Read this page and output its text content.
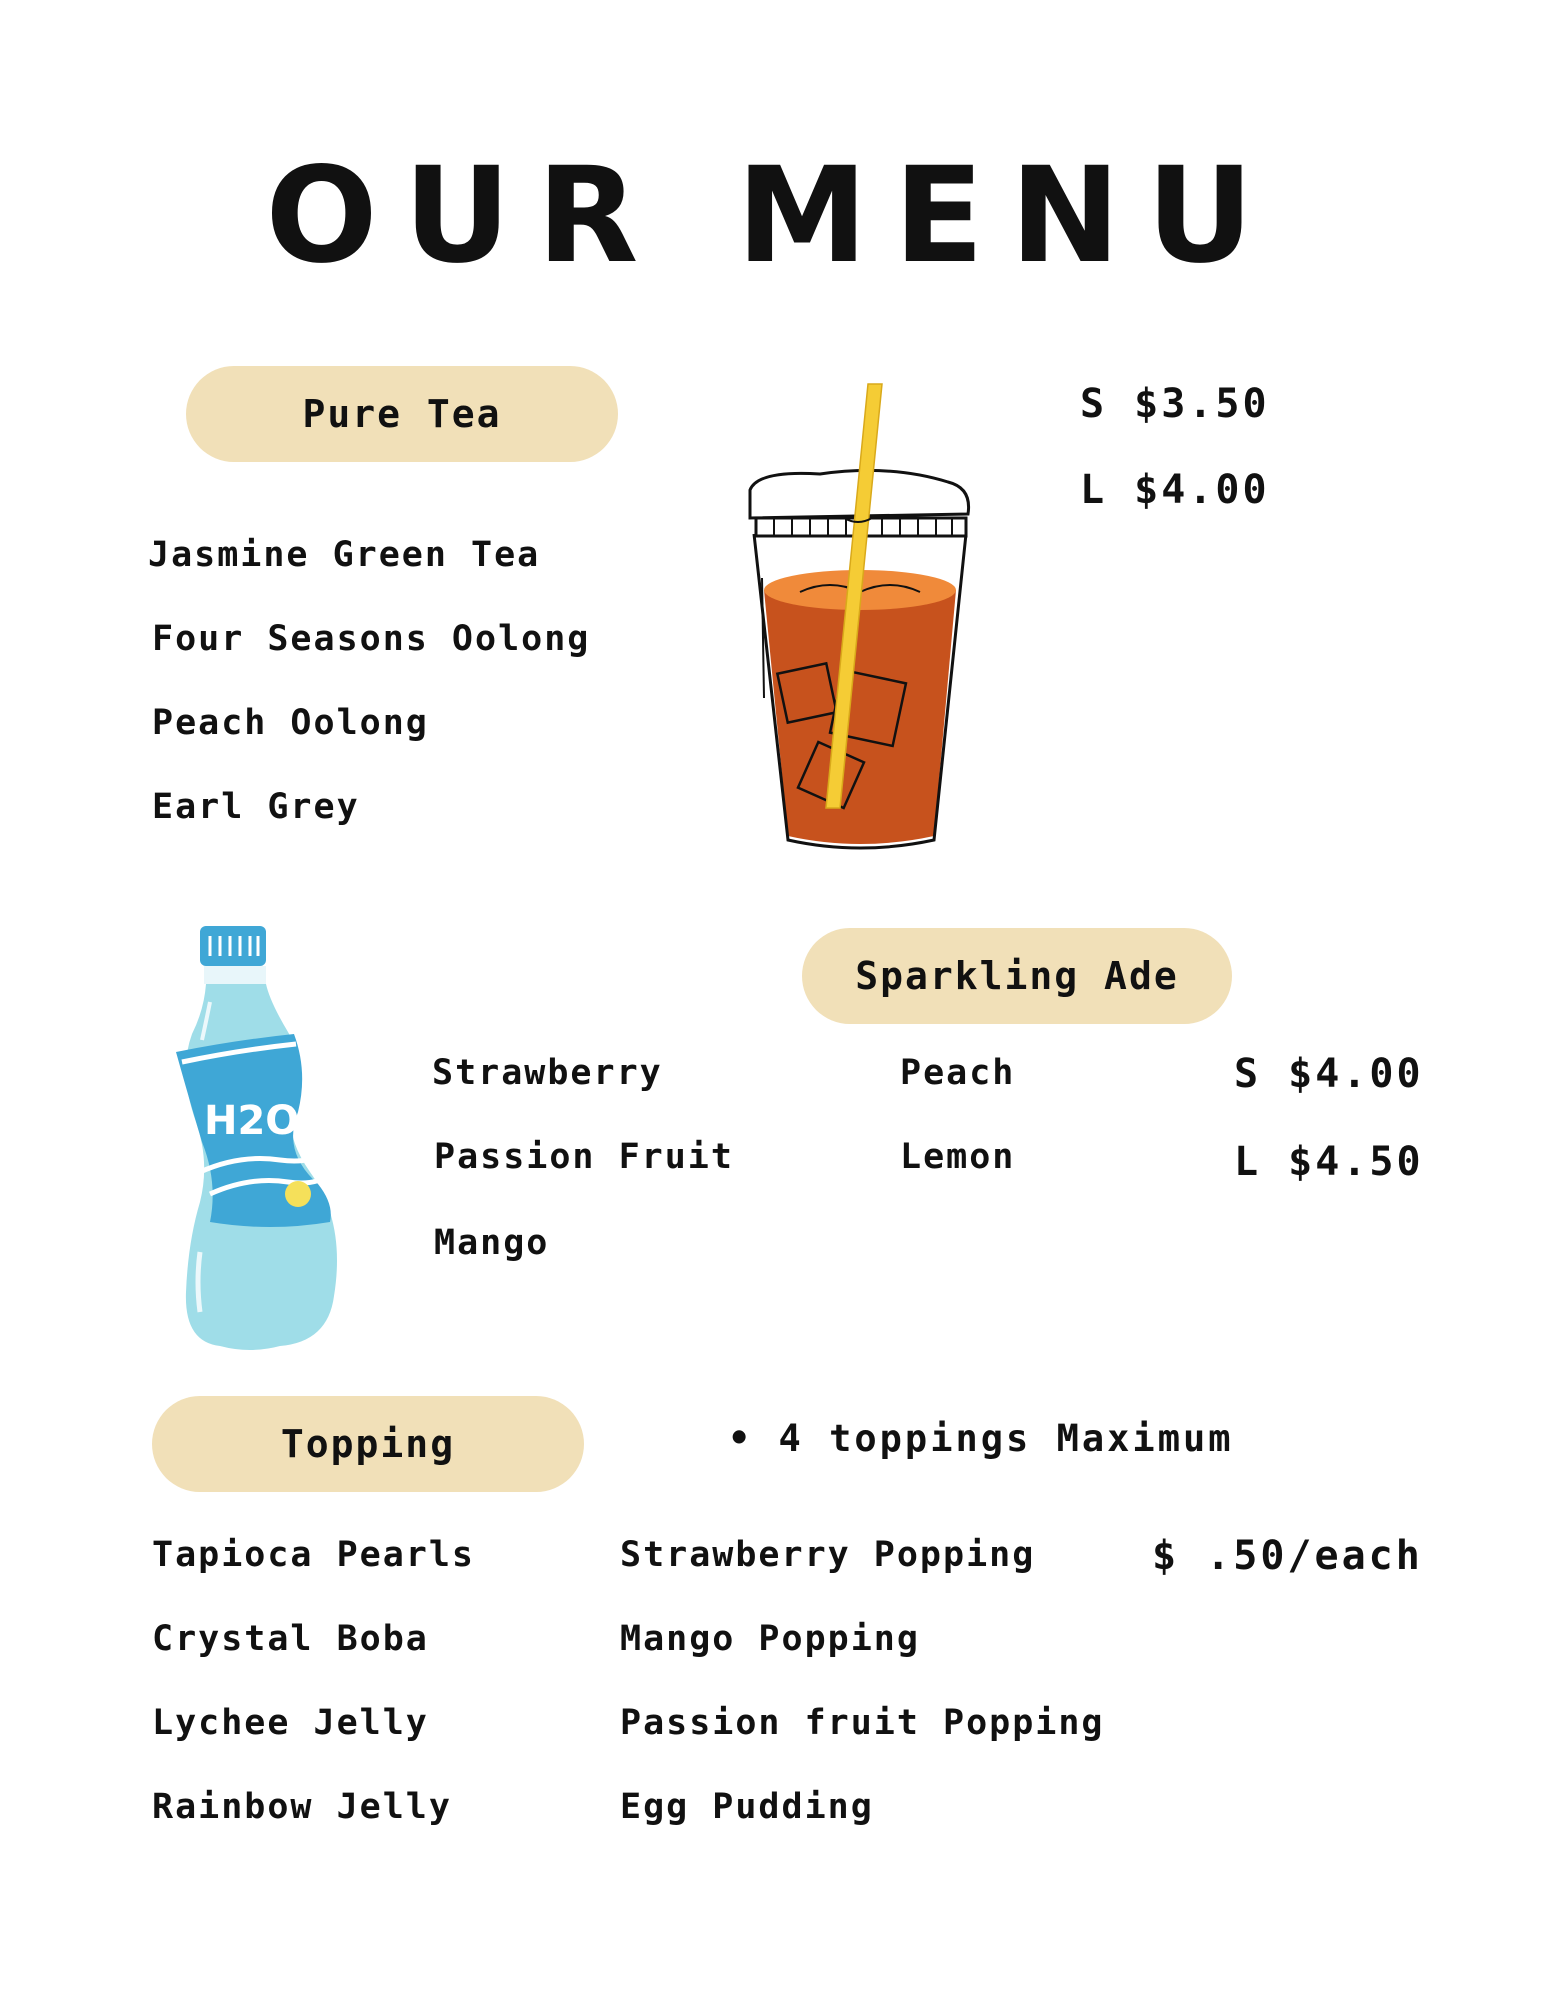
OUR MENU
Pure Tea
Jasmine Green Tea
Four Seasons Oolong
Peach Oolong
Earl Grey
S $3.50
L $4.00
Sparkling Ade
Strawberry
Passion Fruit
Mango
Peach
Lemon
S $4.00
L $4.50
H2O
Topping	• 4 toppings Maximum
Tapioca Pearls
Crystal Boba
Lychee Jelly
Rainbow Jelly
Strawberry Popping
Mango Popping
Passion fruit Popping
Egg Pudding
$ .50/each
